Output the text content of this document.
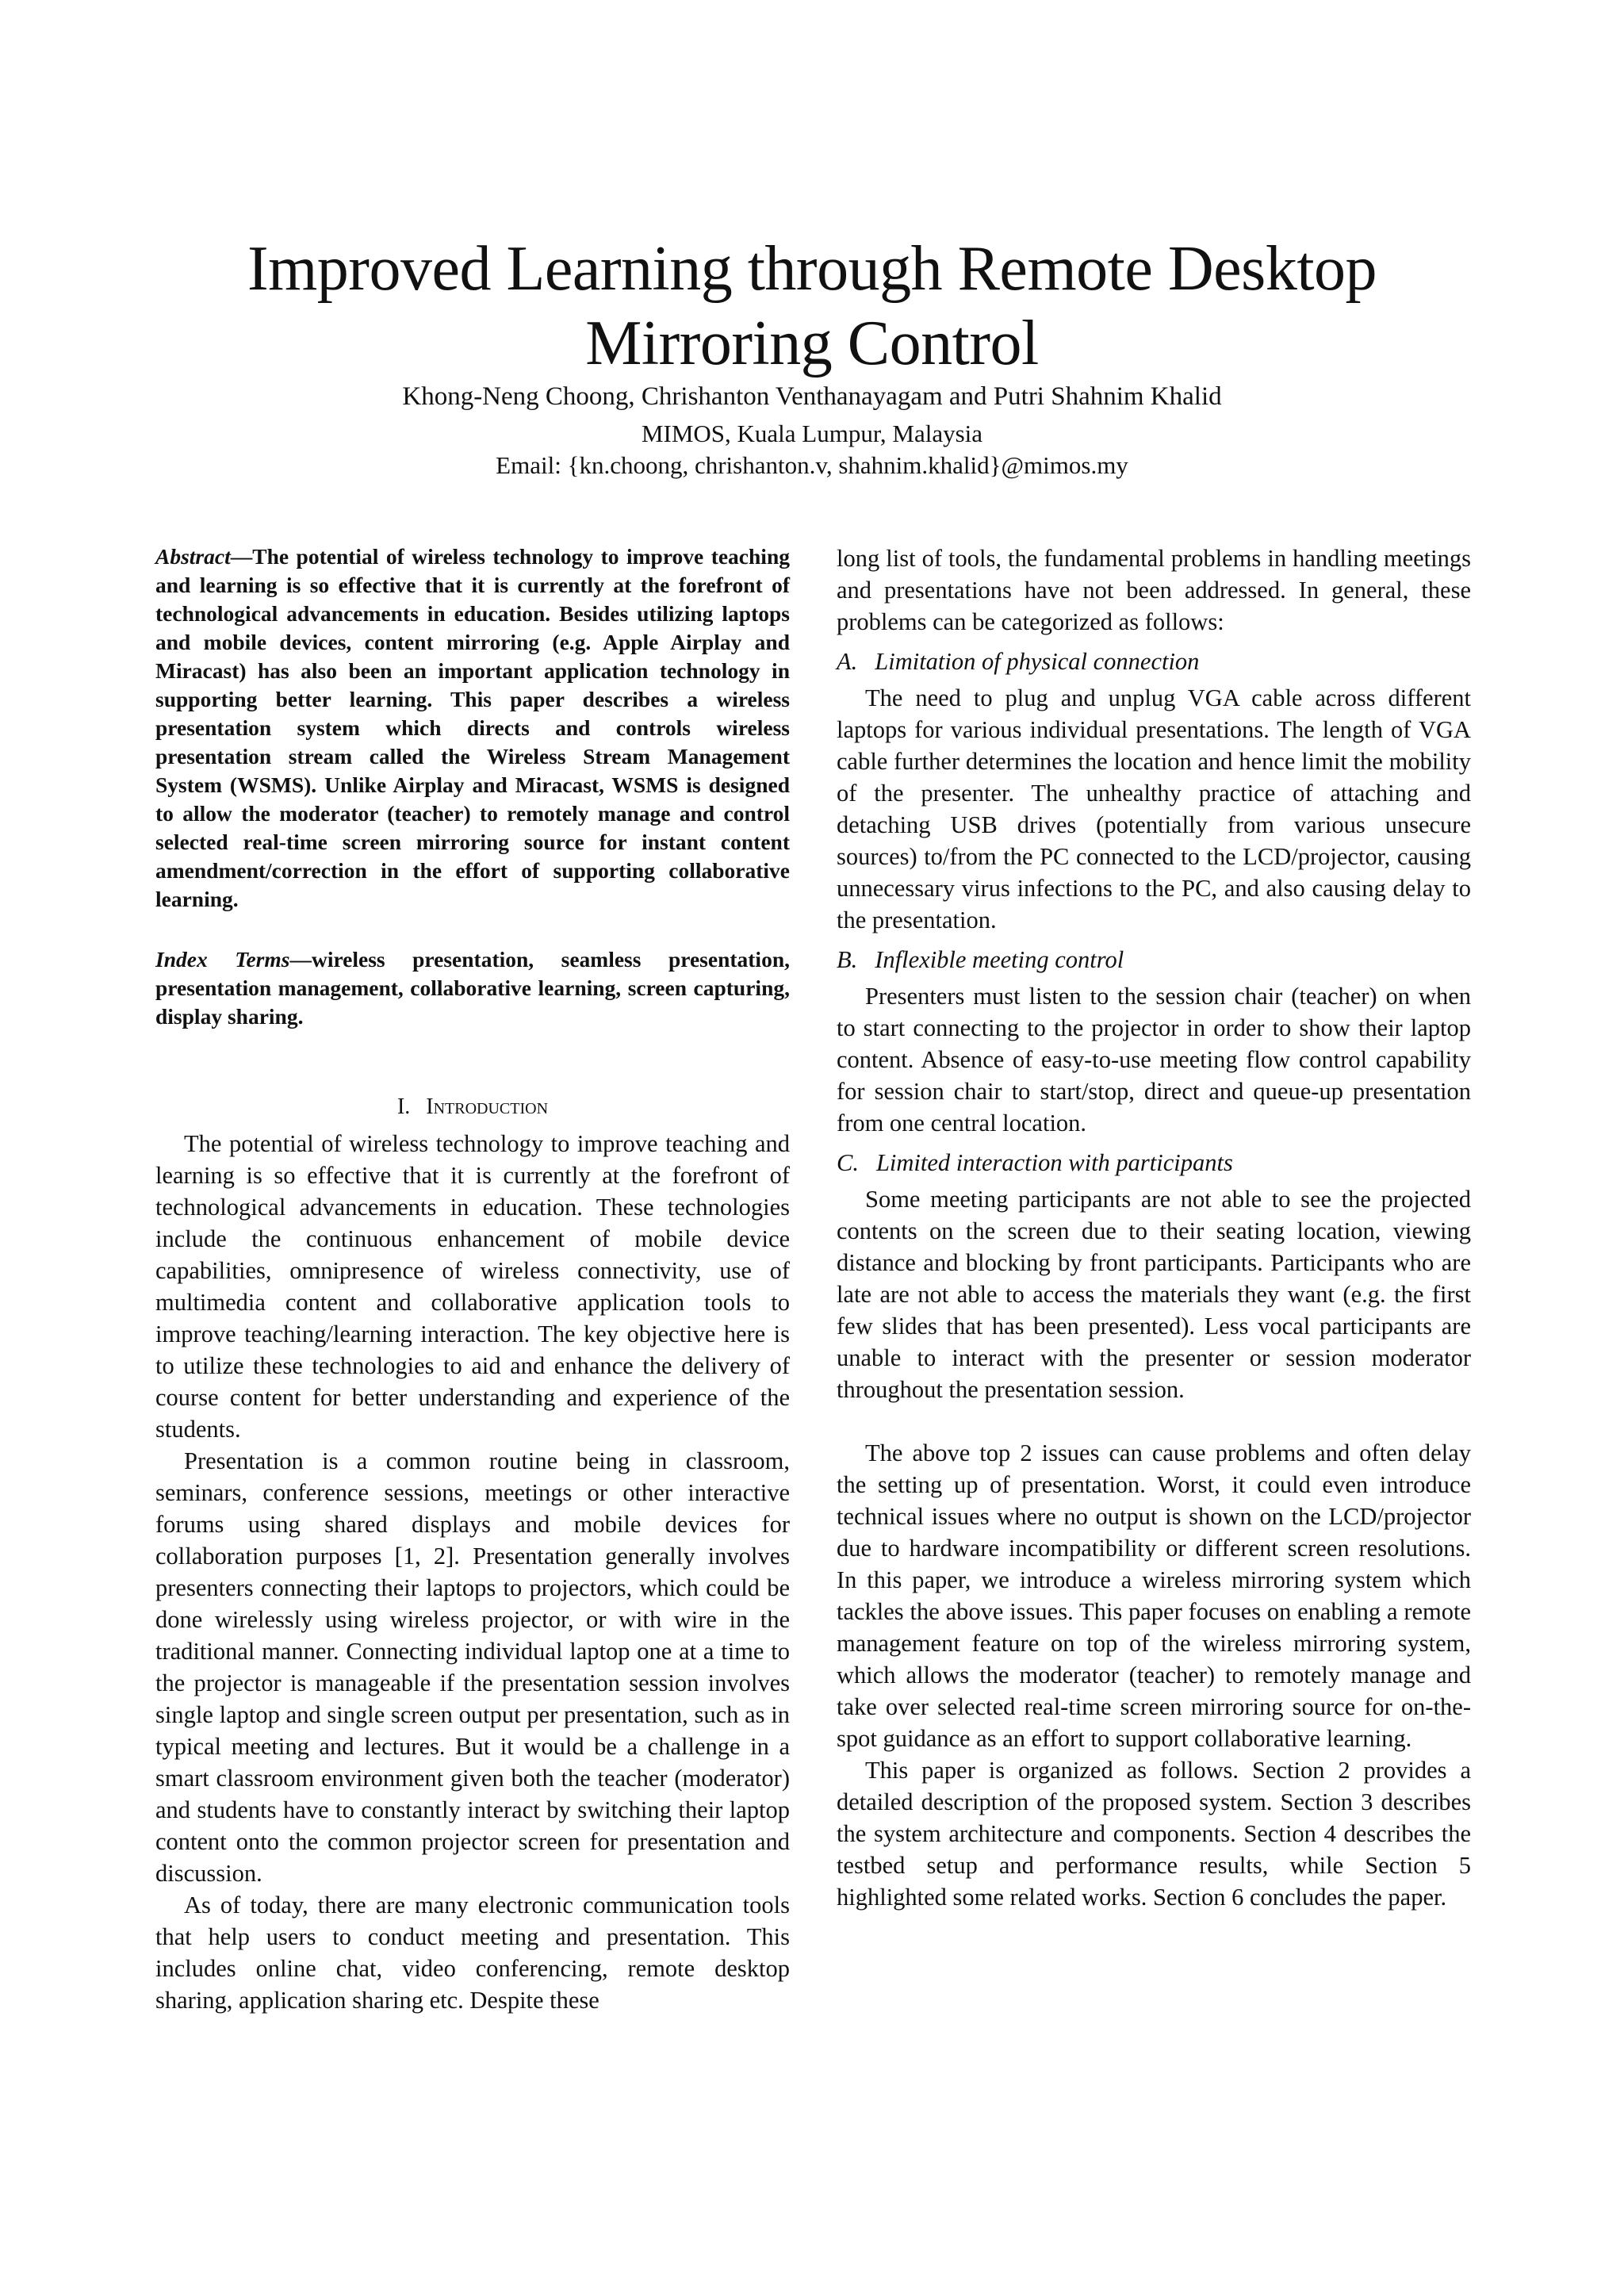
Improved Learning through Remote Desktop Mirroring Control
Khong-Neng Choong, Chrishanton Venthanayagam and Putri Shahnim Khalid
MIMOS, Kuala Lumpur, Malaysia
Email: {kn.choong, chrishanton.v, shahnim.khalid}@mimos.my

Abstract—The potential of wireless technology to improve teaching and learning is so effective that it is currently at the forefront of technological advancements in education. Besides utilizing laptops and mobile devices, content mirroring (e.g. Apple Airplay and Miracast) has also been an important application technology in supporting better learning. This paper describes a wireless presentation system which directs and controls wireless presentation stream called the Wireless Stream Management System (WSMS). Unlike Airplay and Miracast, WSMS is designed to allow the moderator (teacher) to remotely manage and control selected real-time screen mirroring source for instant content amendment/correction in the effort of supporting collaborative learning.

Index Terms—wireless presentation, seamless presentation, presentation management, collaborative learning, screen capturing, display sharing.

I. Introduction

The potential of wireless technology to improve teaching and learning is so effective that it is currently at the forefront of technological advancements in education. These technologies include the continuous enhancement of mobile device capabilities, omnipresence of wireless connectivity, use of multimedia content and collaborative application tools to improve teaching/learning interaction. The key objective here is to utilize these technologies to aid and enhance the delivery of course content for better understanding and experience of the students.

Presentation is a common routine being in classroom, seminars, conference sessions, meetings or other interactive forums using shared displays and mobile devices for collaboration purposes [1, 2]. Presentation generally involves presenters connecting their laptops to projectors, which could be done wirelessly using wireless projector, or with wire in the traditional manner. Connecting individual laptop one at a time to the projector is manageable if the presentation session involves single laptop and single screen output per presentation, such as in typical meeting and lectures. But it would be a challenge in a smart classroom environment given both the teacher (moderator) and students have to constantly interact by switching their laptop content onto the common projector screen for presentation and discussion.

As of today, there are many electronic communication tools that help users to conduct meeting and presentation. This includes online chat, video conferencing, remote desktop sharing, application sharing etc. Despite these

long list of tools, the fundamental problems in handling meetings and presentations have not been addressed. In general, these problems can be categorized as follows:

A. Limitation of physical connection

The need to plug and unplug VGA cable across different laptops for various individual presentations. The length of VGA cable further determines the location and hence limit the mobility of the presenter. The unhealthy practice of attaching and detaching USB drives (potentially from various unsecure sources) to/from the PC connected to the LCD/projector, causing unnecessary virus infections to the PC, and also causing delay to the presentation.

B. Inflexible meeting control

Presenters must listen to the session chair (teacher) on when to start connecting to the projector in order to show their laptop content. Absence of easy-to-use meeting flow control capability for session chair to start/stop, direct and queue-up presentation from one central location.

C. Limited interaction with participants

Some meeting participants are not able to see the projected contents on the screen due to their seating location, viewing distance and blocking by front participants. Participants who are late are not able to access the materials they want (e.g. the first few slides that has been presented). Less vocal participants are unable to interact with the presenter or session moderator throughout the presentation session.

The above top 2 issues can cause problems and often delay the setting up of presentation. Worst, it could even introduce technical issues where no output is shown on the LCD/projector due to hardware incompatibility or different screen resolutions. In this paper, we introduce a wireless mirroring system which tackles the above issues. This paper focuses on enabling a remote management feature on top of the wireless mirroring system, which allows the moderator (teacher) to remotely manage and take over selected real-time screen mirroring source for on-the-spot guidance as an effort to support collaborative learning.

This paper is organized as follows. Section 2 provides a detailed description of the proposed system. Section 3 describes the system architecture and components. Section 4 describes the testbed setup and performance results, while Section 5 highlighted some related works. Section 6 concludes the paper.
